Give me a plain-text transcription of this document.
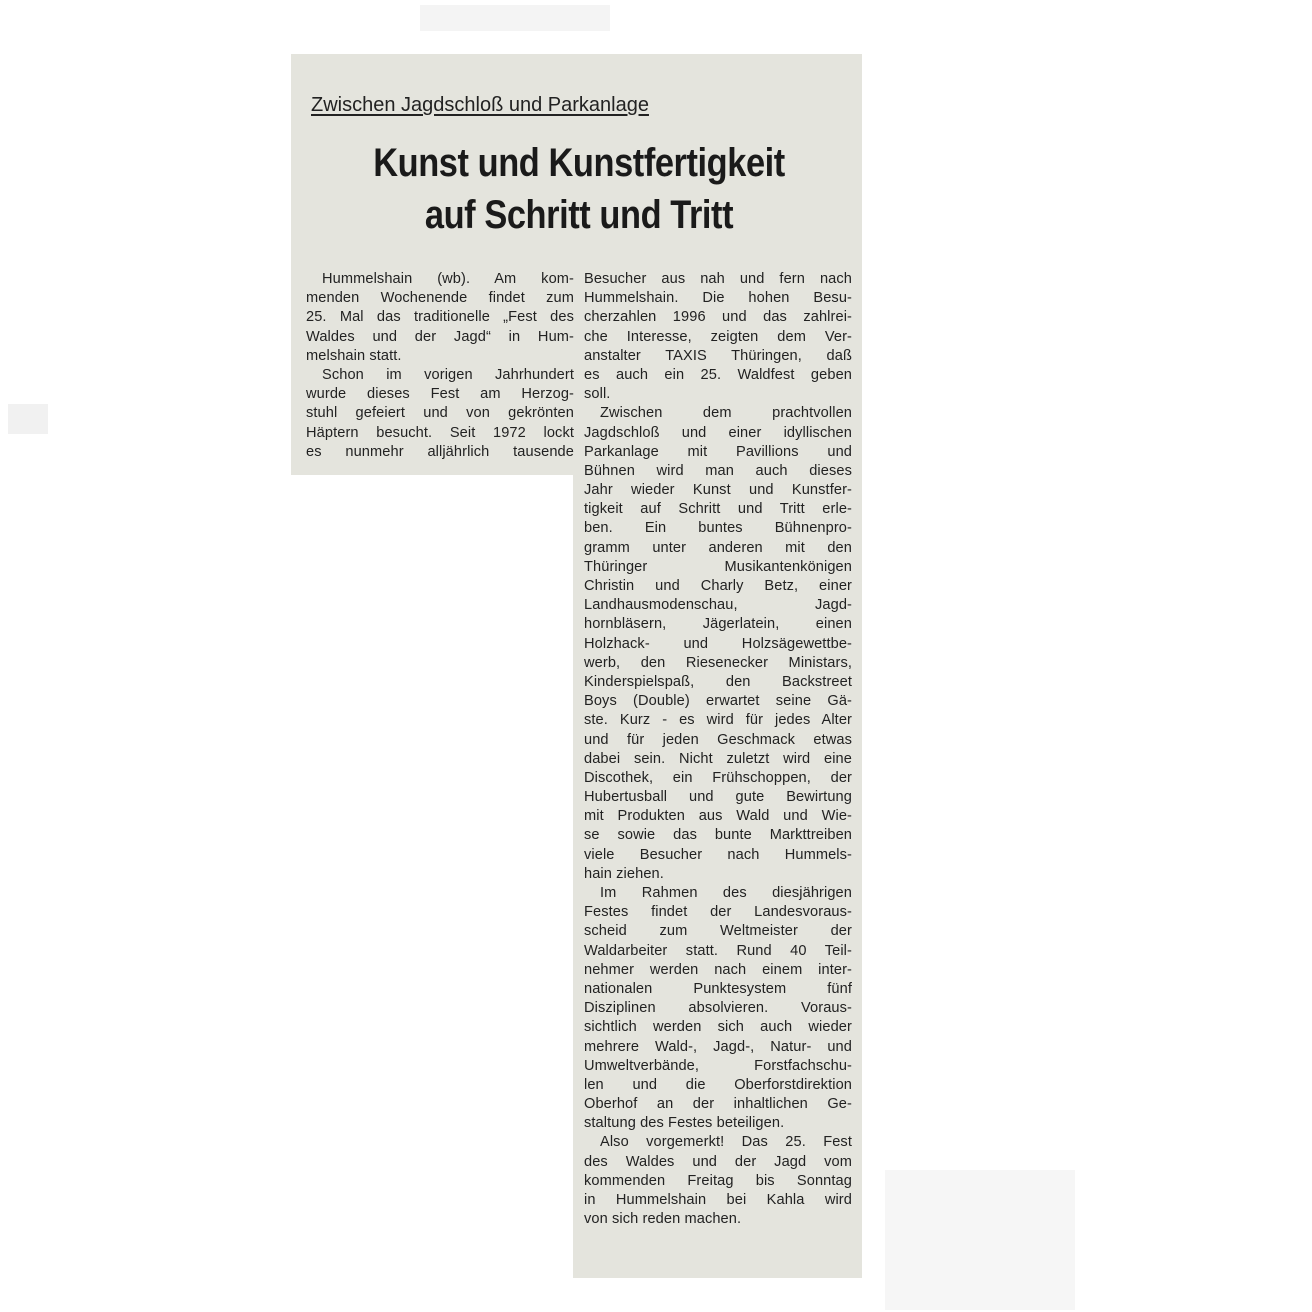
Zwischen Jagdschloß und Parkanlage
Kunst und Kunstfertigkeit
auf Schritt und Tritt
Hummelshain (wb). Am kom-
menden Wochenende findet zum
25. Mal das traditionelle „Fest des
Waldes und der Jagd“ in Hum-
melshain statt.
Schon im vorigen Jahrhundert
wurde dieses Fest am Herzog-
stuhl gefeiert und von gekrönten
Häptern besucht. Seit 1972 lockt
es nunmehr alljährlich tausende
Besucher aus nah und fern nach
Hummelshain. Die hohen Besu-
cherzahlen 1996 und das zahlrei-
che Interesse, zeigten dem Ver-
anstalter TAXIS Thüringen, daß
es auch ein 25. Waldfest geben
soll.
Zwischen dem prachtvollen
Jagdschloß und einer idyllischen
Parkanlage mit Pavillions und
Bühnen wird man auch dieses
Jahr wieder Kunst und Kunstfer-
tigkeit auf Schritt und Tritt erle-
ben. Ein buntes Bühnenpro-
gramm unter anderen mit den
Thüringer Musikantenkönigen
Christin und Charly Betz, einer
Landhausmodenschau, Jagd-
hornbläsern, Jägerlatein, einen
Holzhack- und Holzsägewettbe-
werb, den Riesenecker Ministars,
Kinderspielspaß, den Backstreet
Boys (Double) erwartet seine Gä-
ste. Kurz - es wird für jedes Alter
und für jeden Geschmack etwas
dabei sein. Nicht zuletzt wird eine
Discothek, ein Frühschoppen, der
Hubertusball und gute Bewirtung
mit Produkten aus Wald und Wie-
se sowie das bunte Markttreiben
viele Besucher nach Hummels-
hain ziehen.
Im Rahmen des diesjährigen
Festes findet der Landesvoraus-
scheid zum Weltmeister der
Waldarbeiter statt. Rund 40 Teil-
nehmer werden nach einem inter-
nationalen Punktesystem fünf
Disziplinen absolvieren. Voraus-
sichtlich werden sich auch wieder
mehrere Wald-, Jagd-, Natur- und
Umweltverbände, Forstfachschu-
len und die Oberforstdirektion
Oberhof an der inhaltlichen Ge-
staltung des Festes beteiligen.
Also vorgemerkt! Das 25. Fest
des Waldes und der Jagd vom
kommenden Freitag bis Sonntag
in Hummelshain bei Kahla wird
von sich reden machen.
